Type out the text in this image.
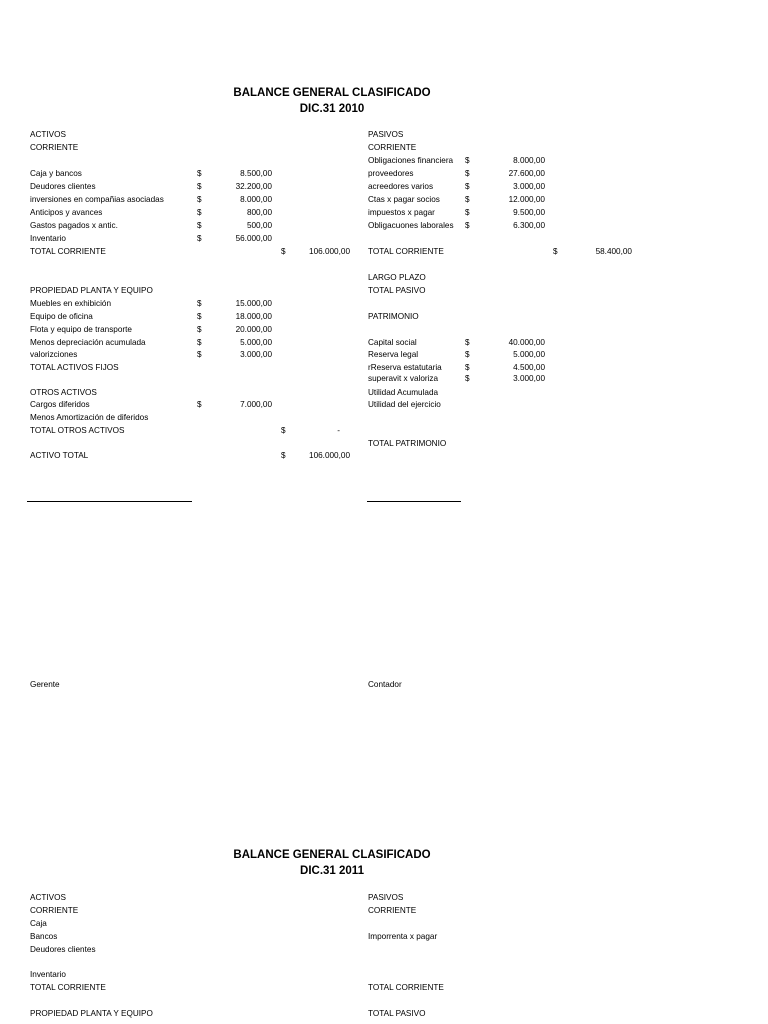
BALANCE GENERAL CLASIFICADO
DIC.31 2010
ACTIVOS
CORRIENTE
Caja y bancos	$	8.500,00
Deudores clientes	$	32.200,00
inversiones en compañias asociadas	$	8.000,00
Anticipos y avances	$	800,00
Gastos pagados x antic.	$	500,00
Inventario	$	56.000,00
TOTAL CORRIENTE	$	106.000,00
PROPIEDAD PLANTA Y EQUIPO
Muebles en exhibición	$	15.000,00
Equipo de oficina	$	18.000,00
Flota y equipo de transporte	$	20.000,00
Menos depreciación acumulada	$	5.000,00
valorizciones	$	3.000,00
TOTAL ACTIVOS FIJOS
OTROS ACTIVOS
Cargos diferidos	$	7.000,00
Menos Amortización de diferidos
TOTAL OTROS ACTIVOS	$	-
ACTIVO TOTAL	$	106.000,00
PASIVOS
CORRIENTE
Obligaciones financiera $	8.000,00
proveedores	$	27.600,00
acreedores varios	$	3.000,00
Ctas x pagar socios	$	12.000,00
impuestos x pagar	$	9.500,00
Obligacuones laborales $	6.300,00
TOTAL CORRIENTE	$	58.400,00
LARGO PLAZO
TOTAL PASIVO
PATRIMONIO
Capital social	$	40.000,00
Reserva legal	$	5.000,00
rReserva estatutaria	$	4.500,00
superavit x valoriza	$	3.000,00
Utilidad Acumulada
Utilidad del ejercicio
TOTAL PATRIMONIO
Gerente	Contador
BALANCE GENERAL CLASIFICADO
DIC.31 2011
ACTIVOS
CORRIENTE
Caja
Bancos
Deudores clientes
Inventario
TOTAL CORRIENTE
PROPIEDAD PLANTA Y EQUIPO
PASIVOS
CORRIENTE
Imporrenta x pagar
TOTAL CORRIENTE
TOTAL PASIVO
